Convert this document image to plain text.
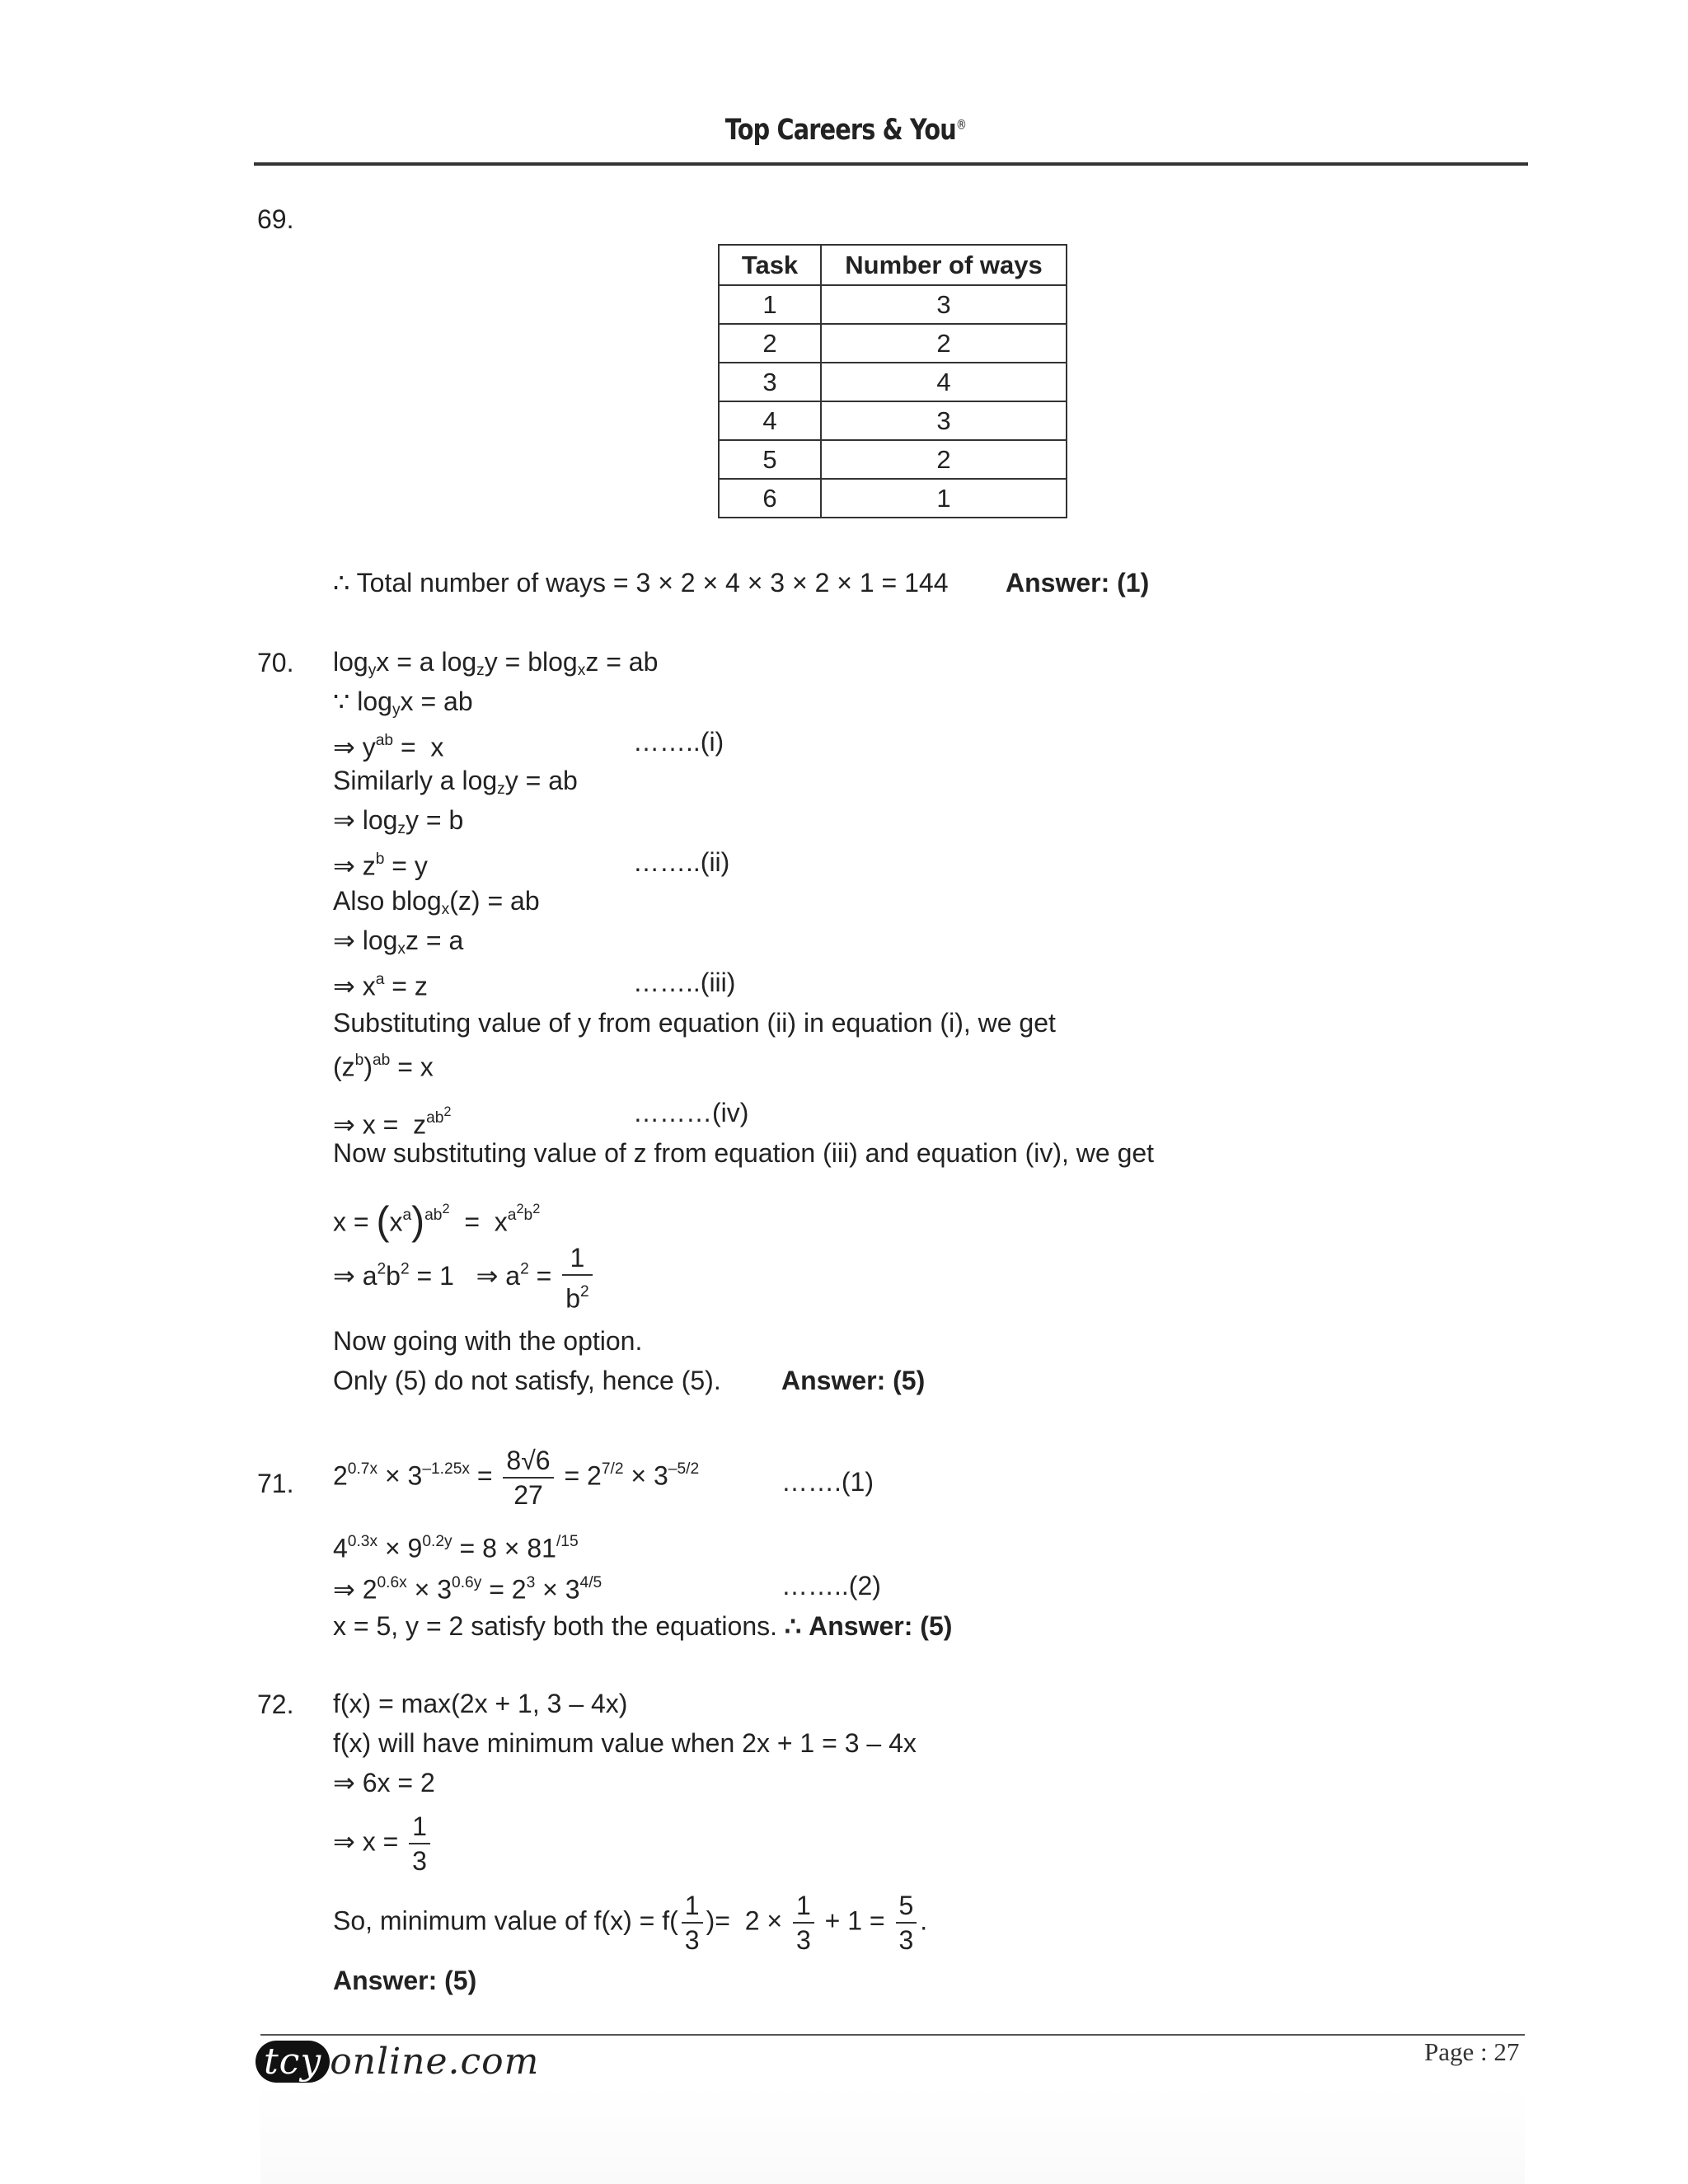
Top Careers & You®
69.
Task	Number of ways
1	3
2	2
3	4
4	3
5	2
6	1
∴ Total number of ways = 3 × 2 × 4 × 3 × 2 × 1 = 144 Answer: (1)
70. $\log_yx = a$ $\log_zy = blog_xz$ = ab
∵ $\log_yx$ = ab
⇒ $y^{ab} = x$	……..(i)
Similarly a $\log_zy$ = ab
⇒ $\log_zy = b$
⇒ $z^b = y$	……..(ii)
Also blog$_x$(z) = ab
⇒ $\log_xz = a$
⇒ $x^a = z$	……..(iii)
Substituting value of y from equation (ii) in equation (i), we get
$(z^b)^{ab} = x$
⇒ $x = z^{ab^2}$	………(iv)
Now substituting value of z from equation (iii) and equation (iv), we get
$x = (x^a)^{ab^2} = x^{a^2b^2}$
⇒ $a^2b^2 = 1$   ⇒ $a^2 = \frac{1}{b^2}$
Now going with the option.
Only (5) do not satisfy, hence (5). Answer: (5)
71. $2^{0.7x} \times 3^{-1.25x} = \frac{8√6}{27} = 2^{7/2} \times 3^{-5/2}$	…….(1)
$4^{0.3x} \times 9^{0.2y} = 8 \times 81^{/15}$
⇒ $2^{0.6x} \times 3^{0.6y} = 2^3 \times 3^{4/5}$	……..(2)
x = 5, y = 2 satisfy both the equations. ∴ Answer: (5)
72. f(x) = max(2x + 1, 3 – 4x)
f(x) will have minimum value when 2x + 1 = 3 – 4x
⇒ 6x = 2
⇒ $x = \frac{1}{3}$
So, minimum value of $f(x) = f( \frac{1}{3}$ )=  $2 \times \frac{1}{3} + 1 = \frac{5}{3}$ .
Answer: (5)
tcy online.com	Page : 27
